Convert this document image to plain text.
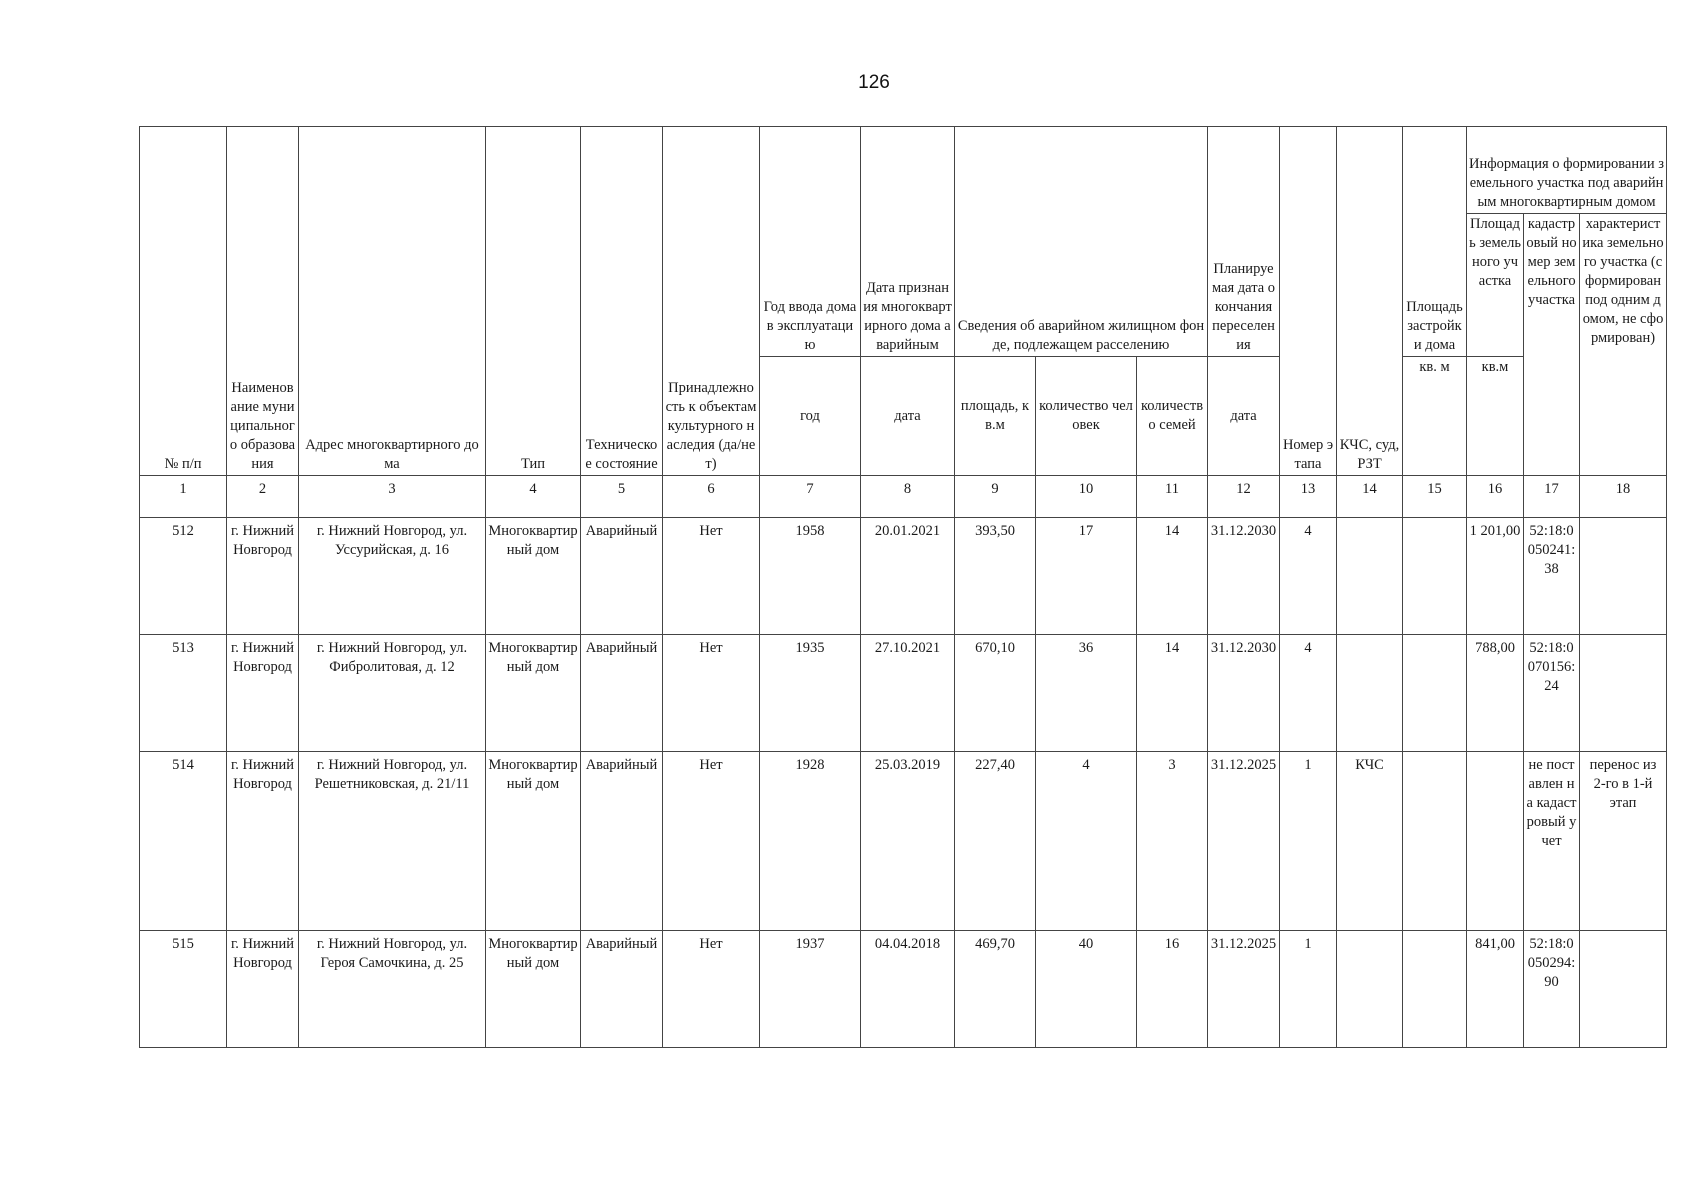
126
№ п/п	Наименование муниципального образования	Адрес многоквартирного дома	Тип	Техническое состояние	Принадлежность к объектам культурного наследия (да/нет)	Год ввода дома в эксплуатацию	Дата признания многоквартирного дома аварийным	Сведения об аварийном жилищном фонде, подлежащем расселению			Планируемая дата окончания переселения	Номер этапа	КЧС, суд, РЗТ	Площадь застройки дома	Информация о формировании земельного участка под аварийным многоквартирным домом		
															Площадь земельного участка	кадастровый номер земельного участка	характеристика земельного участка (сформирован под одним домом, не сформирован)
						год	дата	площадь, кв.м	количество человек	количество семей	дата			кв. м	кв.м		
1	2	3	4	5	6	7	8	9	10	11	12	13	14	15	16	17	18
512	г. Нижний Новгород	г. Нижний Новгород, ул. Уссурийская, д. 16	Многоквартирный дом	Аварийный	Нет	1958	20.01.2021	393,50	17	14	31.12.2030	4			1 201,00	52:18:0050241:38	
513	г. Нижний Новгород	г. Нижний Новгород, ул. Фибролитовая, д. 12	Многоквартирный дом	Аварийный	Нет	1935	27.10.2021	670,10	36	14	31.12.2030	4			788,00	52:18:0070156:24	
514	г. Нижний Новгород	г. Нижний Новгород, ул. Решетниковская, д. 21/11	Многоквартирный дом	Аварийный	Нет	1928	25.03.2019	227,40	4	3	31.12.2025	1	КЧС			не поставлен на кадастровый учет	перенос из 2-го в 1-й этап
515	г. Нижний Новгород	г. Нижний Новгород, ул. Героя Самочкина, д. 25	Многоквартирный дом	Аварийный	Нет	1937	04.04.2018	469,70	40	16	31.12.2025	1			841,00	52:18:0050294:90	
